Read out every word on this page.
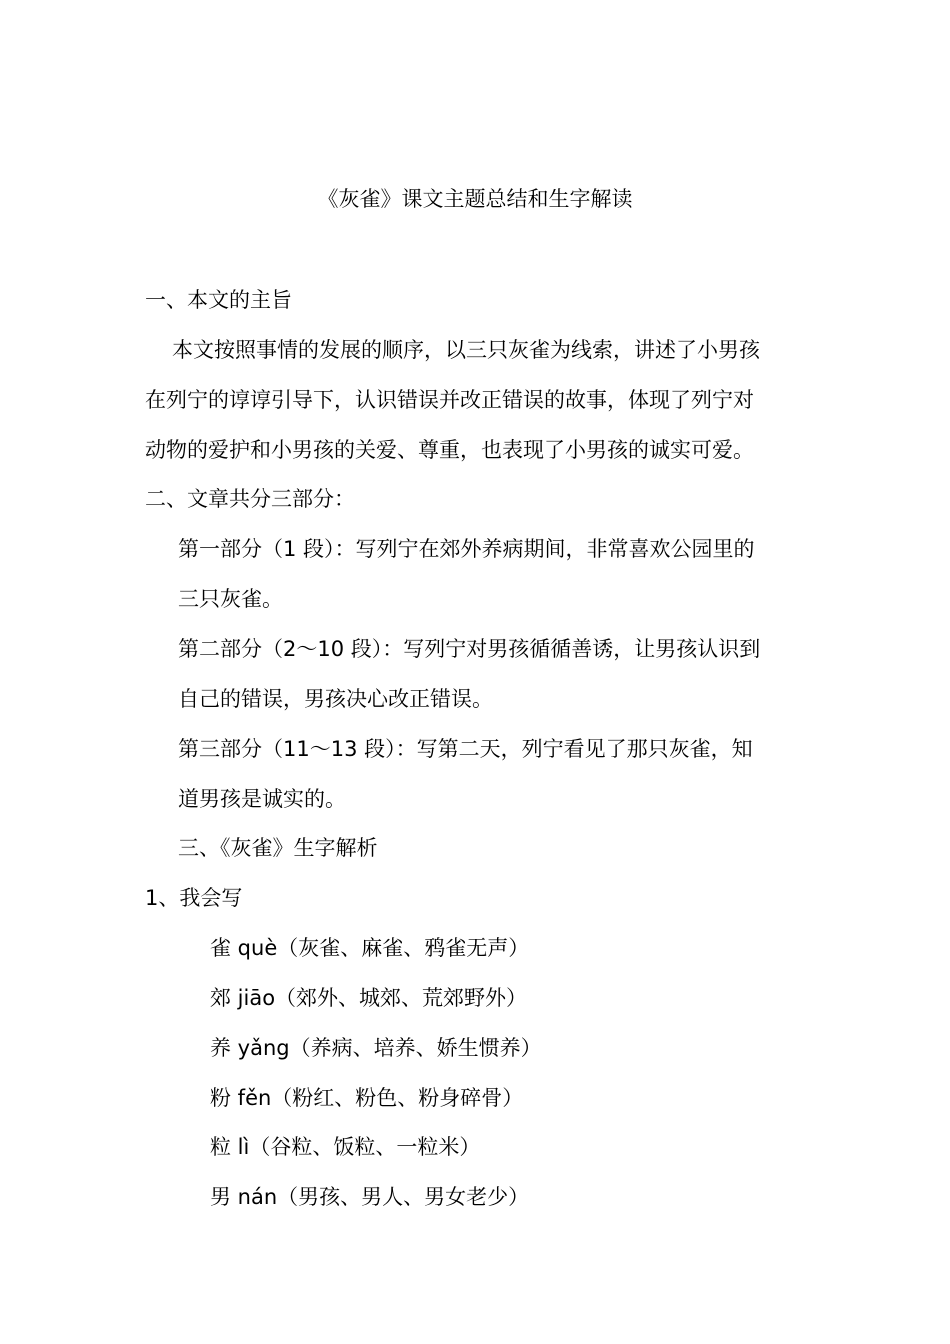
《灰雀》课文主题总结和生字解读
一、本文的主旨
本文按照事情的发展的顺序，以三只灰雀为线索，讲述了小男孩
在列宁的谆谆引导下，认识错误并改正错误的故事，体现了列宁对
动物的爱护和小男孩的关爱、尊重，也表现了小男孩的诚实可爱。
二、文章共分三部分：
第一部分（1 段）：写列宁在郊外养病期间，非常喜欢公园里的
三只灰雀。
第二部分（2～10 段）：写列宁对男孩循循善诱，让男孩认识到
自己的错误，男孩决心改正错误。
第三部分（11～13 段）：写第二天，列宁看见了那只灰雀，知
道男孩是诚实的。
三、《灰雀》生字解析
1、我会写
雀 què（灰雀、麻雀、鸦雀无声）
郊 jiāo（郊外、城郊、荒郊野外）
养 yǎng（养病、培养、娇生惯养）
粉 fěn（粉红、粉色、粉身碎骨）
粒 lì（谷粒、饭粒、一粒米）
男 nán（男孩、男人、男女老少）
